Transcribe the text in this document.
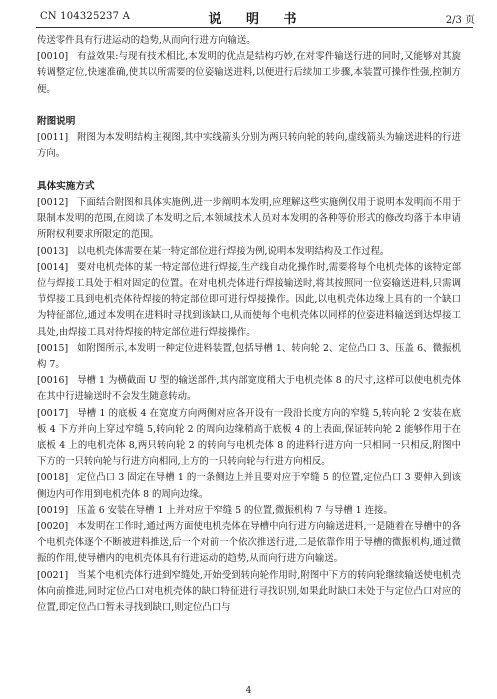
CN 104325237 A	说 明 书	2/3 页

传送零件具有行进运动的趋势,从而向行进方向输送。

[0010] 有益效果:与现有技术相比,本发明的优点是结构巧妙,在对零件输送行进的同时,又能够对其旋转调整定位,快速准确,使其以所需要的位姿输送进料,以便进行后续加工步骤,本装置可操作性强,控制方便。

附图说明

[0011] 附图为本发明结构主视图,其中实线箭头分别为两只转向轮的转向,虚线箭头为输送进料的行进方向。

具体实施方式

[0012] 下面结合附图和具体实施例,进一步阐明本发明,应理解这些实施例仅用于说明本发明而不用于限制本发明的范围,在阅读了本发明之后,本领域技术人员对本发明的各种等价形式的修改均落于本申请所附权利要求所限定的范围。

[0013] 以电机壳体需要在某一特定部位进行焊接为例,说明本发明结构及工作过程。

[0014] 要对电机壳体的某一特定部位进行焊接,生产线自动化操作时,需要将每个电机壳体的该特定部位与焊接工具处于相对固定的位置。在对电机壳体进行焊接输送时,将其按照同一位姿输送进料,只需调节焊接工具到电机壳体待焊接的特定部位即可进行焊接操作。因此,以电机壳体边缘上具有的一个缺口为特征部位,通过本发明在进料时寻找到该缺口,从而使每个电机壳体以同样的位姿进料输送到达焊接工具处,由焊接工具对待焊接的特定部位进行焊接操作。

[0015] 如附图所示,本发明一种定位进料装置,包括导槽 1、转向轮 2、定位凸口 3、压盖 6、微振机构 7。

[0016] 导槽 1 为横截面 U 型的输送部件,其内部宽度稍大于电机壳体 8 的尺寸,这样可以使电机壳体在其中行进输送时不会发生随意转动。

[0017] 导槽 1 的底板 4 在宽度方向两侧对应各开设有一段沿长度方向的窄缝 5,转向轮 2 安装在底板 4 下方并向上穿过窄缝 5,转向轮 2 的周向边缘稍高于底板 4 的上表面,保证转向轮 2 能够作用于在底板 4 上的电机壳体 8,两只转向轮 2 的转向与电机壳体 8 的进料行进方向一只相同一只相反,附图中下方的一只转向轮与行进方向相同,上方的一只转向轮与行进方向相反。

[0018] 定位凸口 3 固定在导槽 1 的一条侧边上并且要对应于窄缝 5 的位置,定位凸口 3 要伸入到该侧边内可作用到电机壳体 8 的周向边缘。

[0019] 压盖 6 安装在导槽 1 上并对应于窄缝 5 的位置,微振机构 7 与导槽 1 连接。

[0020] 本发明在工作时,通过两方面使电机壳体在导槽中向行进方向输送进料,一是随着在导槽中的各个电机壳体逐个不断被进料推送,后一个对前一个依次推送行进,二是依靠作用于导槽的微振机构,通过微振的作用,使导槽内的电机壳体具有行进运动的趋势,从而向行进方向输送。

[0021] 当某个电机壳体行进到窄缝处,开始受到转向轮作用时,附图中下方的转向轮继续输送使电机壳体向前推进,同时定位凸口对电机壳体的缺口特征进行寻找识别,如果此时缺口未处于与定位凸口对应的位置,即定位凸口暂未寻找到缺口,则定位凸口与

4
